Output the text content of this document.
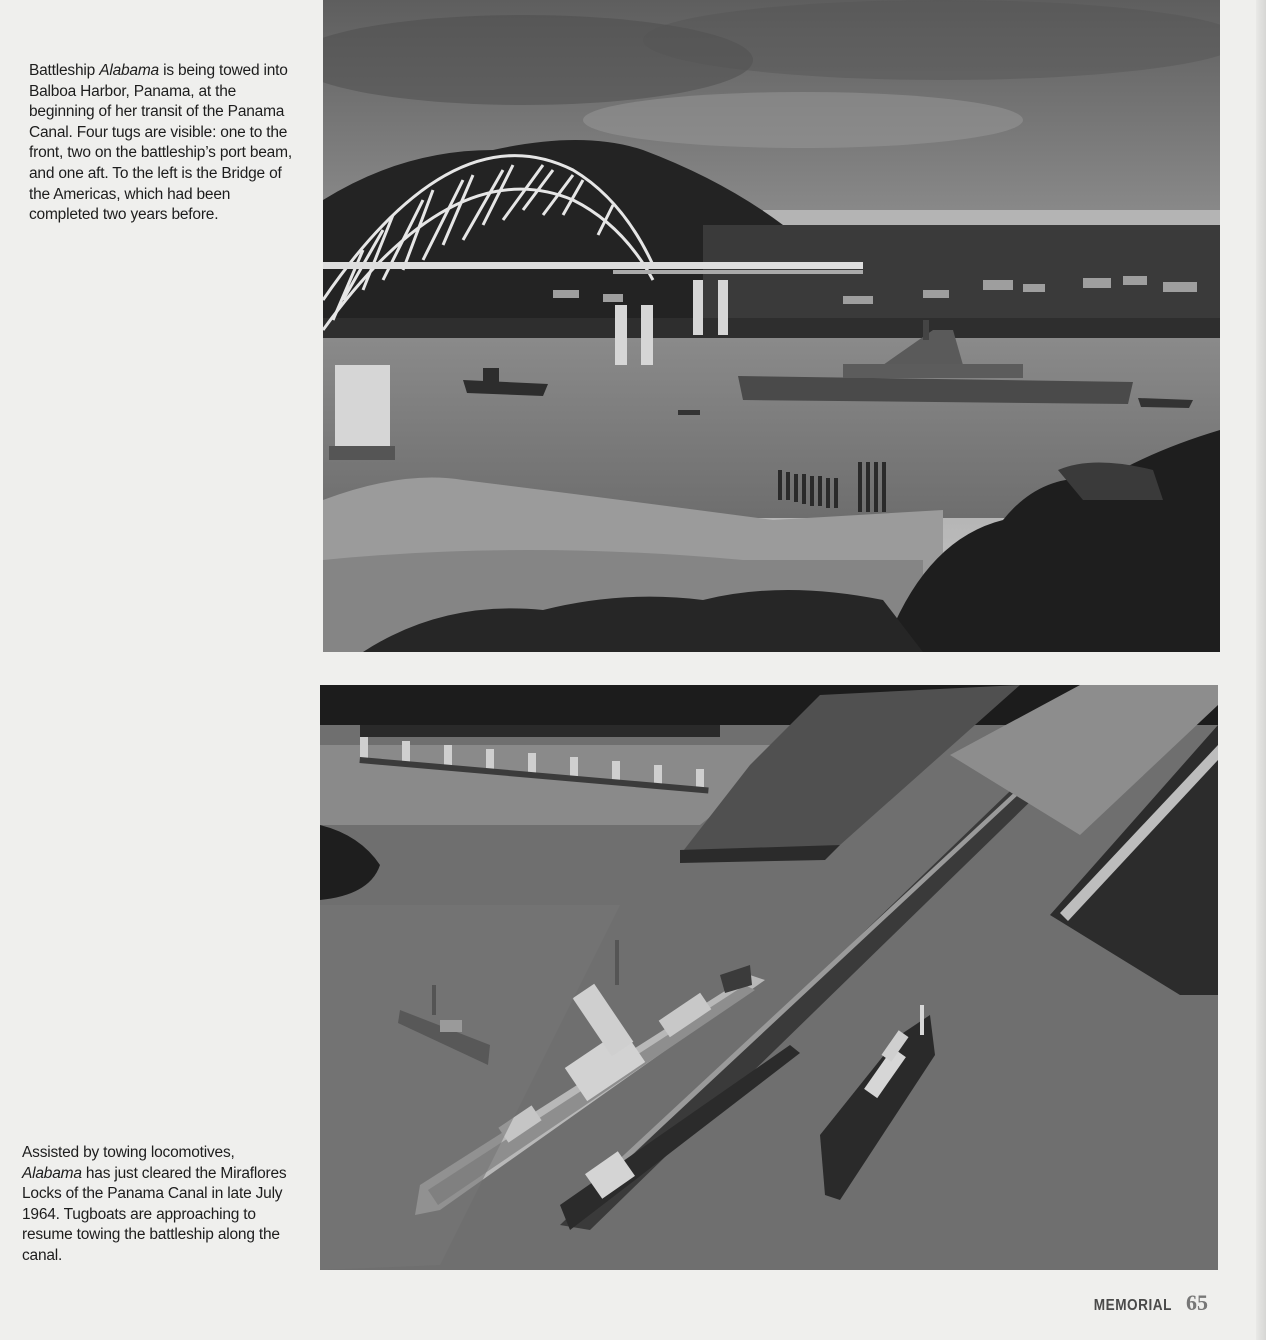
Battleship Alabama is being towed into Balboa Harbor, Panama, at the beginning of her transit of the Panama Canal. Four tugs are visible: one to the front, two on the battleship’s port beam, and one aft. To the left is the Bridge of the Americas, which had been completed two years before.

Assisted by towing locomotives, Alabama has just cleared the Miraflores Locks of the Panama Canal in late July 1964. Tugboats are approaching to resume towing the battleship along the canal.

MEMORIAL 65
